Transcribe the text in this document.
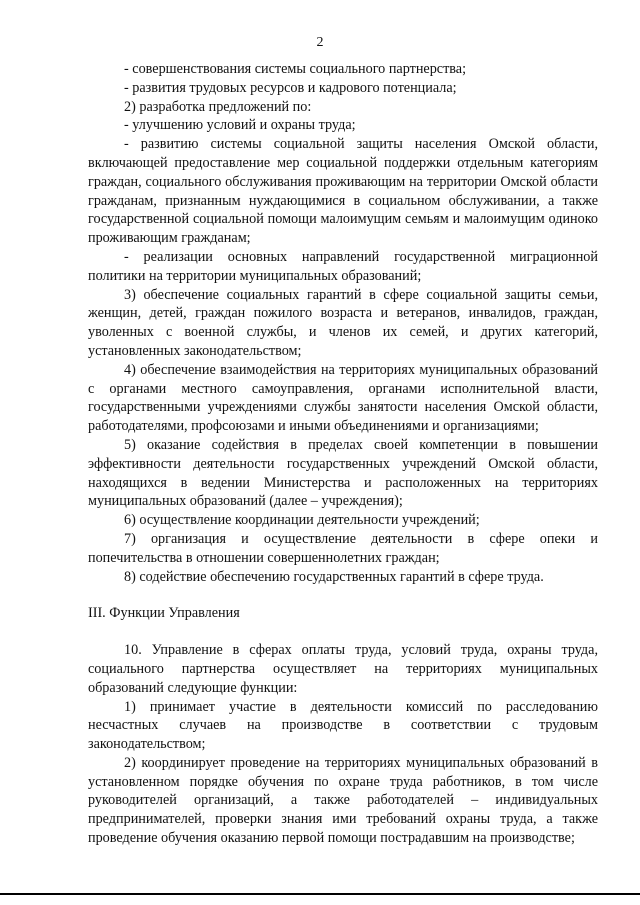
2

- совершенствования системы социального партнерства;

- развития трудовых ресурсов и кадрового потенциала;

2) разработка предложений по:

- улучшению условий и охраны труда;

- развитию системы социальной защиты населения Омской области, включающей предоставление мер социальной поддержки отдельным категориям граждан, социального обслуживания проживающим на территории Омской области гражданам, признанным нуждающимися в социальном обслуживании, а также государственной социальной помощи малоимущим семьям и малоимущим одиноко проживающим гражданам;

- реализации основных направлений государственной миграционной политики на территории муниципальных образований;

3) обеспечение социальных гарантий в сфере социальной защиты семьи, женщин, детей, граждан пожилого возраста и ветеранов, инвалидов, граждан, уволенных с военной службы, и членов их семей, и других категорий, установленных законодательством;

4) обеспечение взаимодействия на территориях муниципальных образований с органами местного самоуправления, органами исполнительной власти, государственными учреждениями службы занятости населения Омской области, работодателями, профсоюзами и иными объединениями и организациями;

5) оказание содействия в пределах своей компетенции в повышении эффективности деятельности государственных учреждений Омской области, находящихся в ведении Министерства и расположенных на территориях муниципальных образований (далее – учреждения);

6) осуществление координации деятельности учреждений;

7) организация и осуществление деятельности в сфере опеки и попечительства в отношении совершеннолетних граждан;

8) содействие обеспечению государственных гарантий в сфере труда.

III. Функции Управления

10. Управление в сферах оплаты труда, условий труда, охраны труда, социального партнерства осуществляет на территориях муниципальных образований следующие функции:

1) принимает участие в деятельности комиссий по расследованию несчастных случаев на производстве в соответствии с трудовым законодательством;

2) координирует проведение на территориях муниципальных образований в установленном порядке обучения по охране труда работников, в том числе руководителей организаций, а также работодателей – индивидуальных предпринимателей, проверки знания ими требований охраны труда, а также проведение обучения оказанию первой помощи пострадавшим на производстве;
